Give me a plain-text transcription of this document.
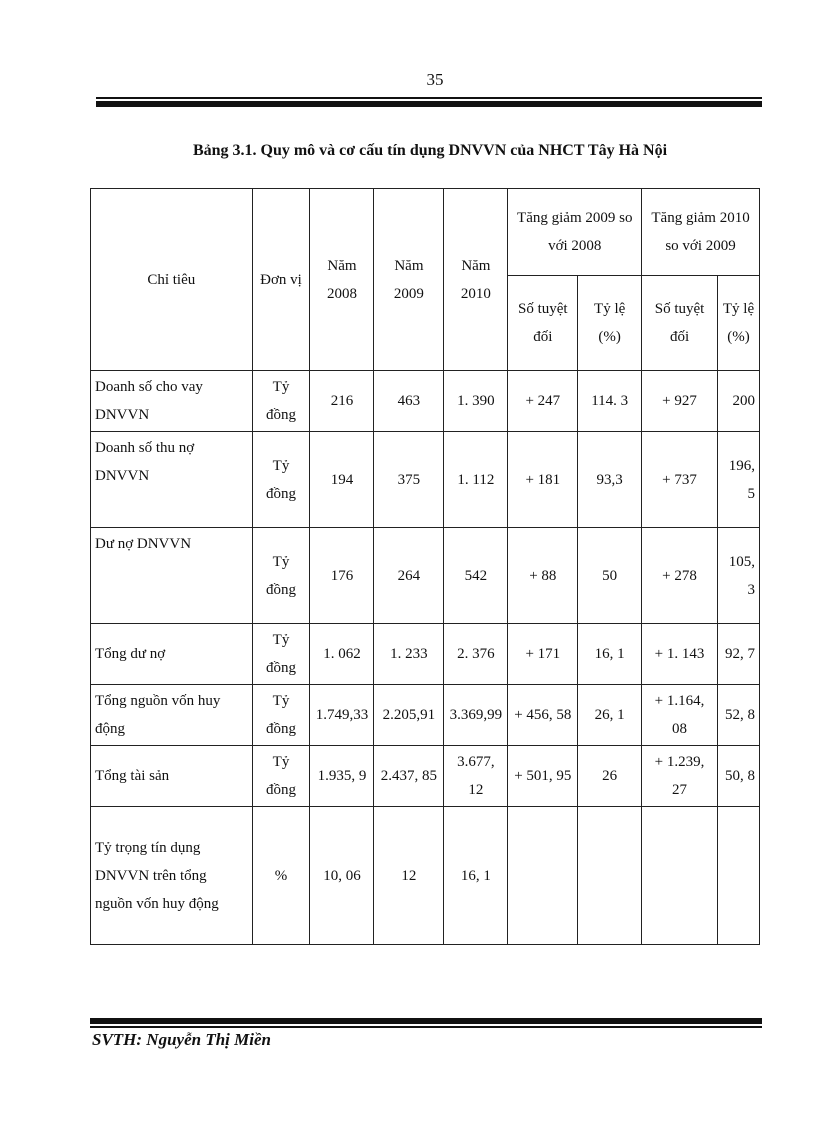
35
Bảng 3.1. Quy mô và cơ cấu tín dụng DNVVN của NHCT Tây Hà Nội
Chỉ tiêu	Đơn vị	Năm 2008	Năm 2009	Năm 2010	Tăng giảm 2009 so với 2008		Tăng giảm 2010 so với 2009	
					Số tuyệt đối	Tỷ lệ (%)	Số tuyệt đối	Tỷ lệ (%)
Doanh số cho vay DNVVN	Tỷ đồng	216	463	1. 390	+ 247	114. 3	+ 927	200
Doanh số thu nợ DNVVN	Tỷ đồng	194	375	1. 112	+ 181	93,3	+ 737	196, 5
Dư nợ DNVVN	Tỷ đồng	176	264	542	+ 88	50	+ 278	105, 3
Tổng dư nợ	Tỷ đồng	1. 062	1. 233	2. 376	+ 171	16, 1	+ 1. 143	92, 7
Tổng nguồn vốn huy động	Tỷ đồng	1.749,33	2.205,91	3.369,99	+ 456, 58	26, 1	+ 1.164, 08	52, 8
Tổng tài sản	Tỷ đồng	1.935, 9	2.437, 85	3.677, 12	+ 501, 95	26	+ 1.239, 27	50, 8
Tỷ trọng tín dụng DNVVN trên tổng nguồn vốn huy động	%	10, 06	12	16, 1				
SVTH: Nguyễn Thị Miền
